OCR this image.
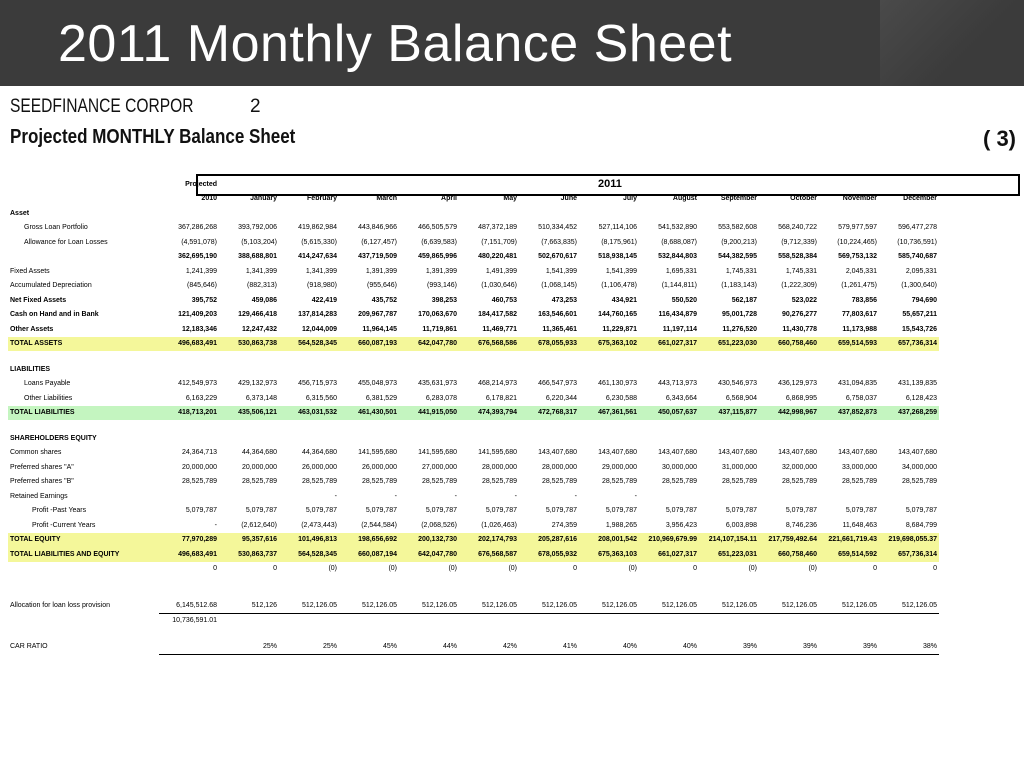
2011 Monthly Balance Sheet
SEEDFINANCE CORPOR	2
Projected MONTHLY Balance Sheet	( 3)
2011
	Projected												
	2010	January	February	March	April	May	June	July	August	September	October	November	December
Asset													
Gross Loan Portfolio	367,286,268	393,792,006	419,862,984	443,846,966	466,505,579	487,372,189	510,334,452	527,114,106	541,532,890	553,582,608	568,240,722	579,977,597	596,477,278
Allowance for Loan Losses	(4,591,078)	(5,103,204)	(5,615,330)	(6,127,457)	(6,639,583)	(7,151,709)	(7,663,835)	(8,175,961)	(8,688,087)	(9,200,213)	(9,712,339)	(10,224,465)	(10,736,591)
	362,695,190	388,688,801	414,247,634	437,719,509	459,865,996	480,220,481	502,670,617	518,938,145	532,844,803	544,382,595	558,528,384	569,753,132	585,740,687
Fixed Assets	1,241,399	1,341,399	1,341,399	1,391,399	1,391,399	1,491,399	1,541,399	1,541,399	1,695,331	1,745,331	1,745,331	2,045,331	2,095,331
Accumulated Depreciation	(845,646)	(882,313)	(918,980)	(955,646)	(993,146)	(1,030,646)	(1,068,145)	(1,106,478)	(1,144,811)	(1,183,143)	(1,222,309)	(1,261,475)	(1,300,640)
Net Fixed Assets	395,752	459,086	422,419	435,752	398,253	460,753	473,253	434,921	550,520	562,187	523,022	783,856	794,690
Cash on Hand and in Bank	121,409,203	129,466,418	137,814,283	209,967,787	170,063,670	184,417,582	163,546,601	144,760,165	116,434,879	95,001,728	90,276,277	77,803,617	55,657,211
Other Assets	12,183,346	12,247,432	12,044,009	11,964,145	11,719,861	11,469,771	11,365,461	11,229,871	11,197,114	11,276,520	11,430,778	11,173,988	15,543,726
TOTAL ASSETS	496,683,491	530,863,738	564,528,345	660,087,193	642,047,780	676,568,586	678,055,933	675,363,102	661,027,317	651,223,030	660,758,460	659,514,593	657,736,314

LIABILITIES													
Loans Payable	412,549,973	429,132,973	456,715,973	455,048,973	435,631,973	468,214,973	466,547,973	461,130,973	443,713,973	430,546,973	436,129,973	431,094,835	431,139,835
Other Liabilities	6,163,229	6,373,148	6,315,560	6,381,529	6,283,078	6,178,821	6,220,344	6,230,588	6,343,664	6,568,904	6,868,995	6,758,037	6,128,423
TOTAL LIABILITIES	418,713,201	435,506,121	463,031,532	461,430,501	441,915,050	474,393,794	472,768,317	467,361,561	450,057,637	437,115,877	442,998,967	437,852,873	437,268,259

SHAREHOLDERS EQUITY													
Common shares	24,364,713	44,364,680	44,364,680	141,595,680	141,595,680	141,595,680	143,407,680	143,407,680	143,407,680	143,407,680	143,407,680	143,407,680	143,407,680
Preferred shares "A"	20,000,000	20,000,000	26,000,000	26,000,000	27,000,000	28,000,000	28,000,000	29,000,000	30,000,000	31,000,000	32,000,000	33,000,000	34,000,000
Preferred shares "B"	28,525,789	28,525,789	28,525,789	28,525,789	28,525,789	28,525,789	28,525,789	28,525,789	28,525,789	28,525,789	28,525,789	28,525,789	28,525,789
Retained Earnings			-	-	-	-	-	-					
Profit -Past Years	5,079,787	5,079,787	5,079,787	5,079,787	5,079,787	5,079,787	5,079,787	5,079,787	5,079,787	5,079,787	5,079,787	5,079,787	5,079,787
Profit -Current Years	-	(2,612,640)	(2,473,443)	(2,544,584)	(2,068,526)	(1,026,463)	274,359	1,988,265	3,956,423	6,003,898	8,746,236	11,648,463	8,684,799
TOTAL EQUITY	77,970,289	95,357,616	101,496,813	198,656,692	200,132,730	202,174,793	205,287,616	208,001,542	210,969,679.99	214,107,154.11	217,759,492.64	221,661,719.43	219,698,055.37
TOTAL LIABILITIES AND EQUITY	496,683,491	530,863,737	564,528,345	660,087,194	642,047,780	676,568,587	678,055,932	675,363,103	661,027,317	651,223,031	660,758,460	659,514,592	657,736,314
	0	0	(0)	(0)	(0)	(0)	0	(0)	0	(0)	(0)	0	0

Allocation for loan loss provision	6,145,512.68	512,126	512,126.05	512,126.05	512,126.05	512,126.05	512,126.05	512,126.05	512,126.05	512,126.05	512,126.05	512,126.05	512,126.05
	10,736,591.01												

CAR RATIO		25%	25%	45%	44%	42%	41%	40%	40%	39%	39%	39%	38%
